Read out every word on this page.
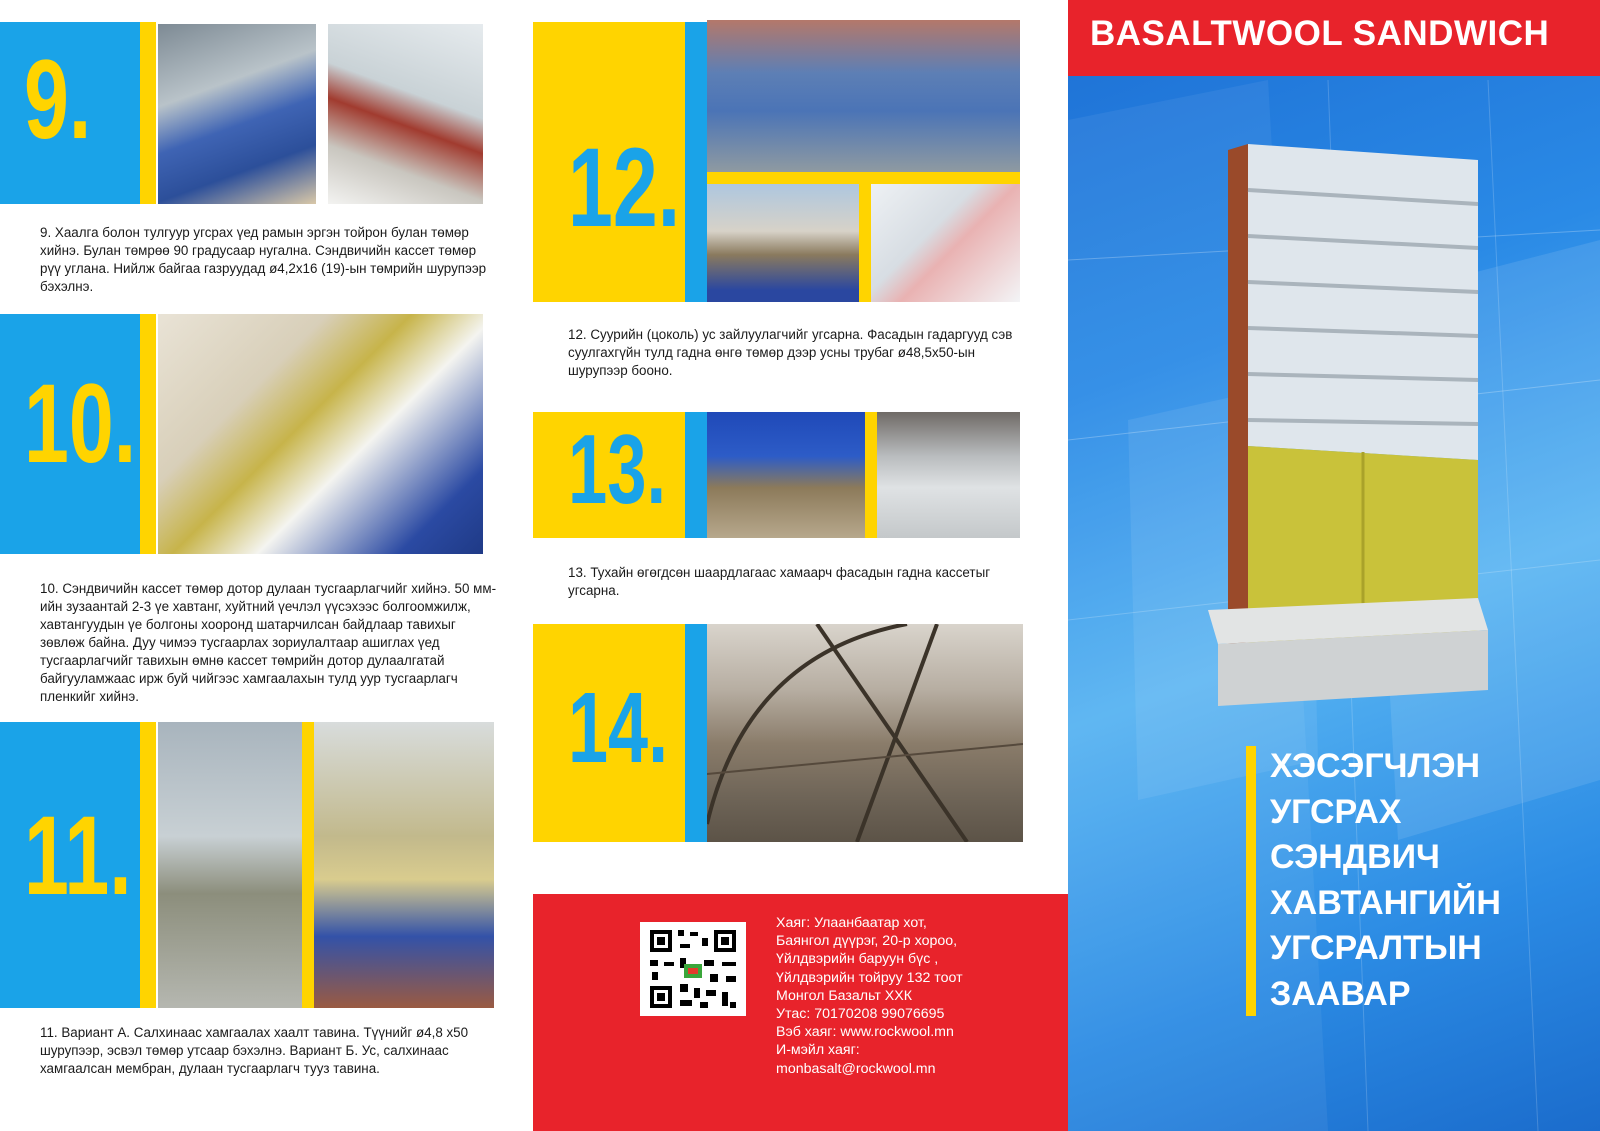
9.
9. Хаалга болон тулгуур угсрах үед рамын эргэн тойрон булан төмөр хийнэ. Булан төмрөө 90 градусаар нугална. Сэндвичийн кассет төмөр рүү углана. Нийлж байгаа газруудад ø4,2x16 (19)-ын төмрийн шурупээр бэхэлнэ.
10.
10. Сэндвичийн кассет төмөр дотор дулаан тусгаарлагчийг хийнэ. 50 мм-ийн зузаантай 2-3 үе хавтанг, хуйтний үечлэл үүсэхээс болгоомжилж, хавтангуудын үе болгоны хооронд шатарчилсан байдлаар тавихыг зөвлөж байна. Дуу чимээ тусгаарлах зориулалтаар ашиглах үед тусгаарлагчийг тавихын өмнө кассет төмрийн дотор дулаалгатай байгууламжаас ирж буй чийгээс хамгаалахын тулд уур тусгаарлагч пленкийг хийнэ.
11.
11. Вариант А. Салхинаас хамгаалах хаалт тавина. Түүнийг ø4,8 x50 шурупээр, эсвэл төмөр утсаар бэхэлнэ. Вариант Б. Ус, салхинаас хамгаалсан мембран, дулаан тусгаарлагч тууз тавина.
12.
12. Суурийн (цоколь) ус зайлуулагчийг угсарна. Фасадын гадаргууд сэв суулгахгүйн тулд гадна өнгө төмөр дээр усны трубаг ø48,5x50-ын шурупээр бооно.
13.
13. Тухайн өгөгдсөн шаардлагаас хамаарч фасадын гадна кассетыг угсарна.
14.
Хаяг: Улаанбаатар хот,
Баянгол дүүрэг, 20-р хороо,
Үйлдвэрийн баруун бүс ,
Үйлдвэрийн тойруу 132 тоот
Монгол Базальт ХХК
Утас: 70170208 99076695
Вэб хаяг: www.rockwool.mn
И-мэйл хаяг:
monbasalt@rockwool.mn
BASALTWOOL SANDWICH
ХЭСЭГЧЛЭН
УГСРАХ
СЭНДВИЧ
ХАВТАНГИЙН
УГСРАЛТЫН
ЗААВАР
